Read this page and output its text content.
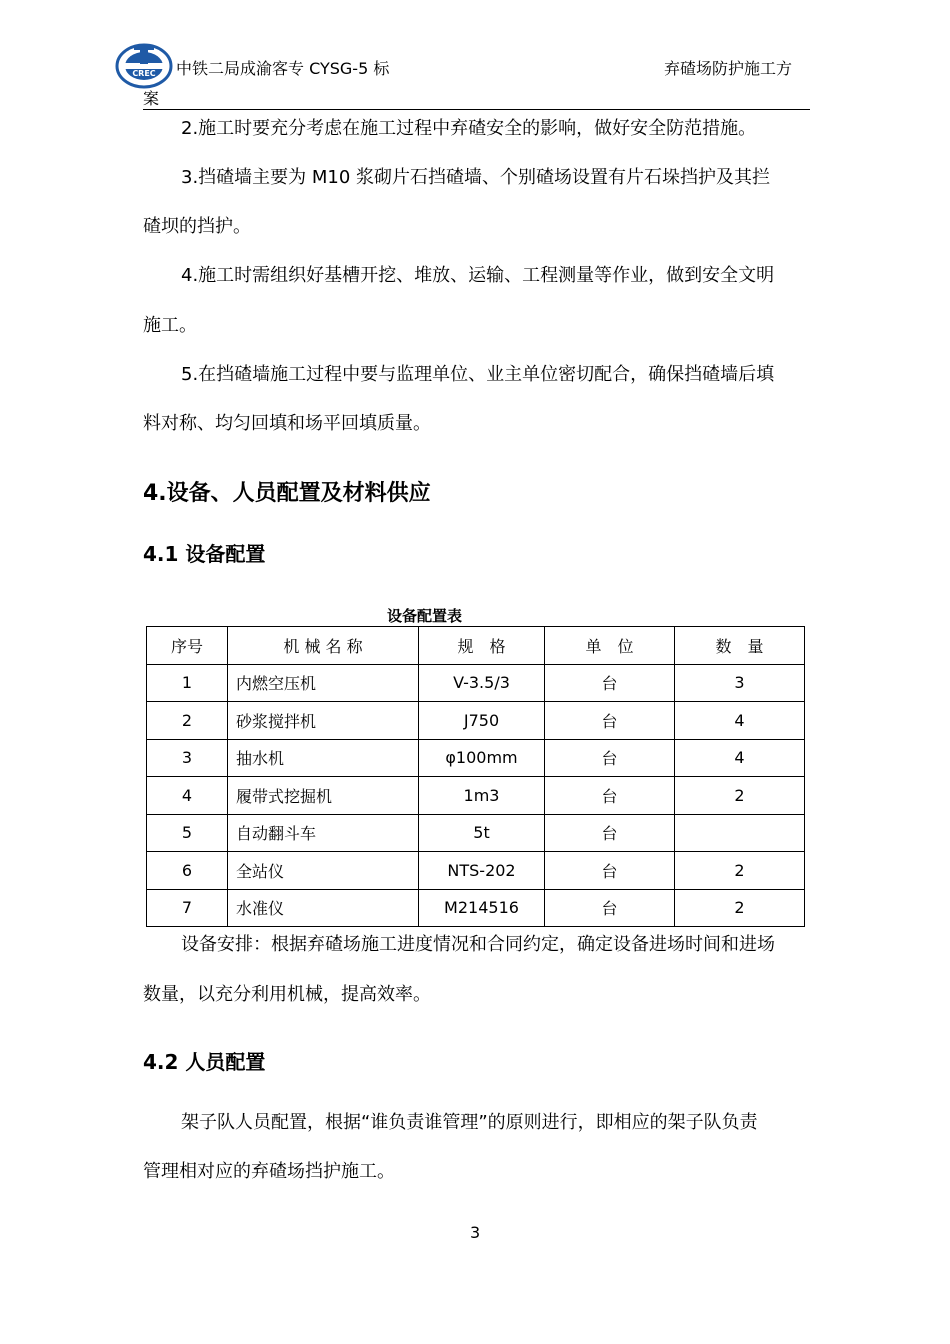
CREC 中铁二局成渝客专 CYSG-5 标
案
弃碴场防护施工方
2.施工时要充分考虑在施工过程中弃碴安全的影响，做好安全防范措施。
3.挡碴墙主要为 M10 浆砌片石挡碴墙、个别碴场设置有片石垛挡护及其拦
碴坝的挡护。
4.施工时需组织好基槽开挖、堆放、运输、工程测量等作业，做到安全文明
施工。
5.在挡碴墙施工过程中要与监理单位、业主单位密切配合，确保挡碴墙后填
料对称、均匀回填和场平回填质量。
4.设备、人员配置及材料供应
4.1 设备配置
设备配置表
序号	机 械 名 称	规　格	单　位	数　量
1	内燃空压机	V-3.5/3	台	3
2	砂浆搅拌机	J750	台	4
3	抽水机	φ100mm	台	4
4	履带式挖掘机	1m3	台	2
5	自动翻斗车	5t	台	
6	全站仪	NTS-202	台	2
7	水准仪	M214516	台	2
设备安排：根据弃碴场施工进度情况和合同约定，确定设备进场时间和进场
数量，以充分利用机械，提高效率。
4.2 人员配置
架子队人员配置，根据“谁负责谁管理”的原则进行，即相应的架子队负责
管理相对应的弃碴场挡护施工。
3
